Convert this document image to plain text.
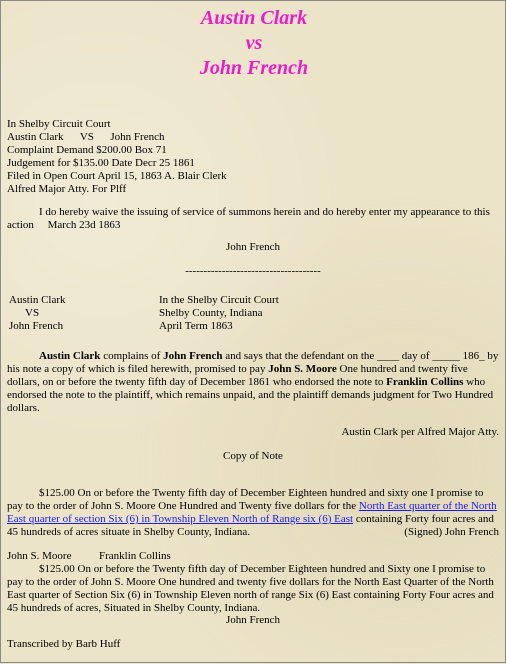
Austin Clark
vs
John French
In Shelby Circuit Court
Austin Clark      VS      John French
Complaint Demand $200.00 Box 71
Judgement for $135.00 Date Decr 25 1861
Filed in Open Court April 15, 1863 A. Blair Clerk
Alfred Major Atty. For Plff
I do hereby waive the issuing of service of summons herein and do hereby enter my appearance to this action     March 23d 1863
John French
-------------------------------------
Austin Clark
VS
John French
In the Shelby Circuit Court
Shelby County, Indiana
April Term 1863
Austin Clark complains of John French and says that the defendant on the ____ day of _____ 186_ by his note a copy of which is filed herewith, promised to pay John S. Moore One hundred and twenty five dollars, on or before the twenty fifth day of December 1861 who endorsed the note to Franklin Collins who endorsed the note to the plaintiff, which remains unpaid, and the plaintiff demands judgment for Two Hundred dollars.
Austin Clark per Alfred Major Atty.
Copy of Note
$125.00 On or before the Twenty fifth day of December Eighteen hundred and sixty one I promise to pay to the order of John S. Moore One Hundred and Twenty five dollars for the North East quarter of the North East quarter of section Six (6) in Township Eleven North of Range six (6) East containing Forty four acres and 45 hundreds of acres situate in Shelby County, Indiana.	(Signed) John French
John S. Moore          Franklin Collins
$125.00 On or before the Twenty fifth day of December Eighteen hundred and Sixty one I promise to pay to the order of John S. Moore One hundred and twenty five dollars for the North East Quarter of the North East quarter of Section Six (6) in Township Eleven north of range Six (6) East containing Forty Four acres and 45 hundreds of acres, Situated in Shelby County, Indiana.
John French
Transcribed by Barb Huff
